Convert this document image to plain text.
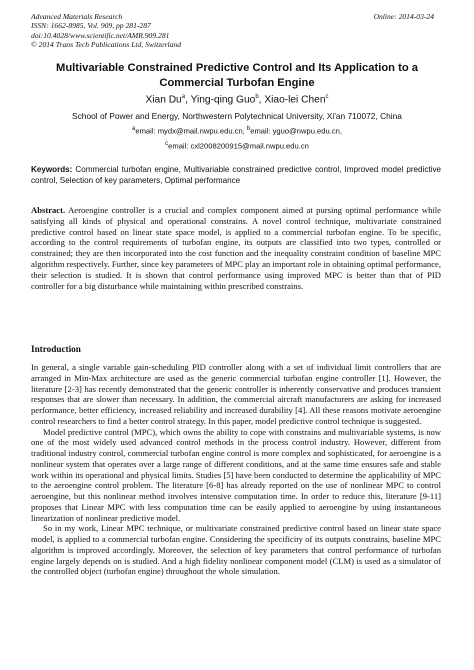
Advanced Materials Research
ISSN: 1662-8985, Vol. 909, pp 281-287
doi:10.4028/www.scientific.net/AMR.909.281
© 2014 Trans Tech Publications Ltd, Switzerland
Online: 2014-03-24
Multivariable Constrained Predictive Control and Its Application to a
Commercial Turbofan Engine
Xian Du$^a$, Ying-qing Guo$^b$, Xiao-lei Chen$^c$
School of Power and Energy, Northwestern Polytechnical University, Xi'an 710072, China
$^a$email: mydx@mail.nwpu.edu.cn, $^b$email: yguo@nwpu.edu.cn,
$^c$email: cxl2008200915@mail.nwpu.edu.cn
Keywords: Commercial turbofan engine, Multivariable constrained predictive control, Improved model predictive control, Selection of key parameters, Optimal performance
Abstract. Aeroengine controller is a crucial and complex component aimed at pursing optimal performance while satisfying all kinds of physical and operational constrains. A novel control technique, multivariate constrained predictive control based on linear state space model, is applied to a commercial turbofan engine. To be specific, according to the control requirements of turbofan engine, its outputs are classified into two types, controlled or constrained; they are then incorporated into the cost function and the inequality constraint condition of baseline MPC algorithm respectively. Further, since key parameters of MPC play an important role in obtaining optimal performance, their selection is studied. It is shown that control performance using improved MPC is better than that of PID controller for a big disturbance while maintaining within prescribed constrains.
Introduction

In general, a single variable gain-scheduling PID controller along with a set of individual limit controllers that are arranged in Min-Max architecture are used as the generic commercial turbofan engine controller [1]. However, the literature [2-3] has recently demonstrated that the generic controller is inherently conservative and produces transient responses that are slower than necessary. In addition, the commercial aircraft manufacturers are asking for increased performance, better efficiency, increased reliability and increased durability [4]. All these reasons motivate aeroengine control researchers to find a better control strategy. In this paper, model predictive control technique is suggested.

Model predictive control (MPC), which owns the ability to cope with constrains and multivariable systems, is now one of the most widely used advanced control methods in the process control industry. However, different from traditional industry control, commercial turbofan engine control is more complex and sophisticated, for aeroengine is a nonlinear system that operates over a large range of different conditions, and at the same time ensures safe and stable work within its operational and physical limits. Studies [5] have been conducted to determine the applicability of MPC to the aeroengine control problem. The literature [6-8] has already reported on the use of nonlinear MPC to control aeroengine, but this nonlinear method involves intensive computation time. In order to reduce this, literature [9-11] proposes that Linear MPC with less computation time can be easily applied to aeroengine by using instantaneous linearization of nonlinear predictive model.

So in my work, Linear MPC technique, or multivariate constrained predictive control based on linear state space model, is applied to a commercial turbofan engine. Considering the specificity of its outputs constrains, baseline MPC algorithm is improved accordingly. Moreover, the selection of key parameters that control performance of turbofan engine largely depends on is studied. And a high fidelity nonlinear component model (CLM) is used as a simulator of the controlled object (turbofan engine) throughout the whole simulation.
